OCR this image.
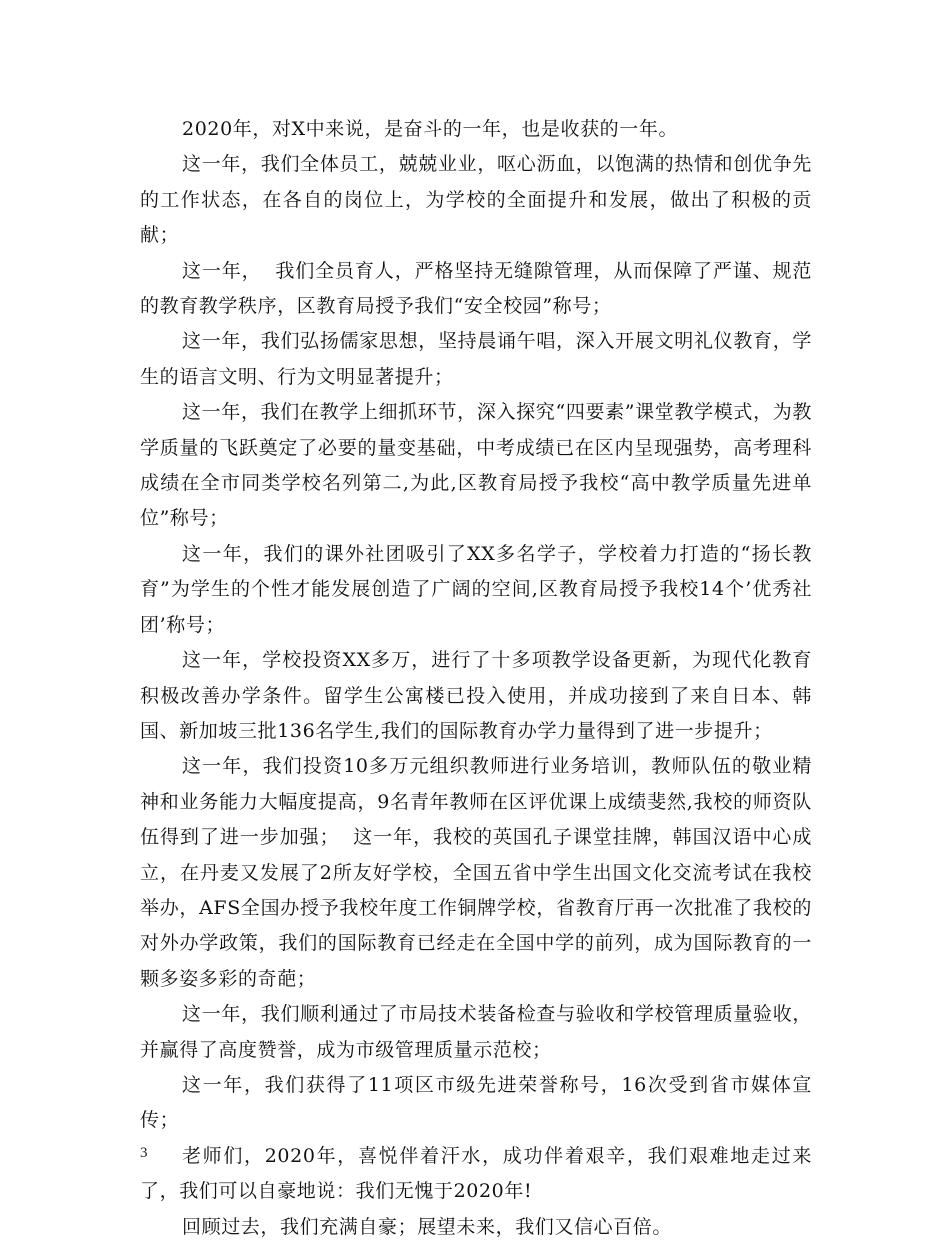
2020年，对X中来说，是奋斗的一年，也是收获的一年。

这一年，我们全体员工，兢兢业业，呕心沥血，以饱满的热情和创优争先的工作状态，在各自的岗位上，为学校的全面提升和发展，做出了积极的贡献；

这一年，  我们全员育人，严格坚持无缝隙管理，从而保障了严谨、规范的教育教学秩序，区教育局授予我们“安全校园”称号；

这一年，我们弘扬儒家思想，坚持晨诵午唱，深入开展文明礼仪教育，学生的语言文明、行为文明显著提升；

这一年，我们在教学上细抓环节，深入探究“四要素”课堂教学模式，为教学质量的飞跃奠定了必要的量变基础，中考成绩已在区内呈现强势，高考理科成绩在全市同类学校名列第二,为此,区教育局授予我校“高中教学质量先进单位”称号；

这一年，我们的课外社团吸引了XX多名学子，学校着力打造的“扬长教育”为学生的个性才能发展创造了广阔的空间,区教育局授予我校14个’优秀社团’称号；

这一年，学校投资XX多万，进行了十多项教学设备更新，为现代化教育积极改善办学条件。留学生公寓楼已投入使用，并成功接到了来自日本、韩国、新加坡三批136名学生,我们的国际教育办学力量得到了进一步提升；

这一年，我们投资10多万元组织教师进行业务培训，教师队伍的敬业精神和业务能力大幅度提高，9名青年教师在区评优课上成绩斐然,我校的师资队伍得到了进一步加强；  这一年，我校的英国孔子课堂挂牌，韩国汉语中心成立，在丹麦又发展了2所友好学校，全国五省中学生出国文化交流考试在我校举办，AFS全国办授予我校年度工作铜牌学校，省教育厅再一次批准了我校的对外办学政策，我们的国际教育已经走在全国中学的前列，成为国际教育的一颗多姿多彩的奇葩；

这一年，我们顺利通过了市局技术装备检查与验收和学校管理质量验收，并赢得了高度赞誉，成为市级管理质量示范校；

这一年，我们获得了11项区市级先进荣誉称号，16次受到省市媒体宣传；

老师们，2020年，喜悦伴着汗水，成功伴着艰辛，我们艰难地走过来了，我们可以自豪地说：我们无愧于2020年!

回顾过去，我们充满自豪；展望未来，我们又信心百倍。

3
